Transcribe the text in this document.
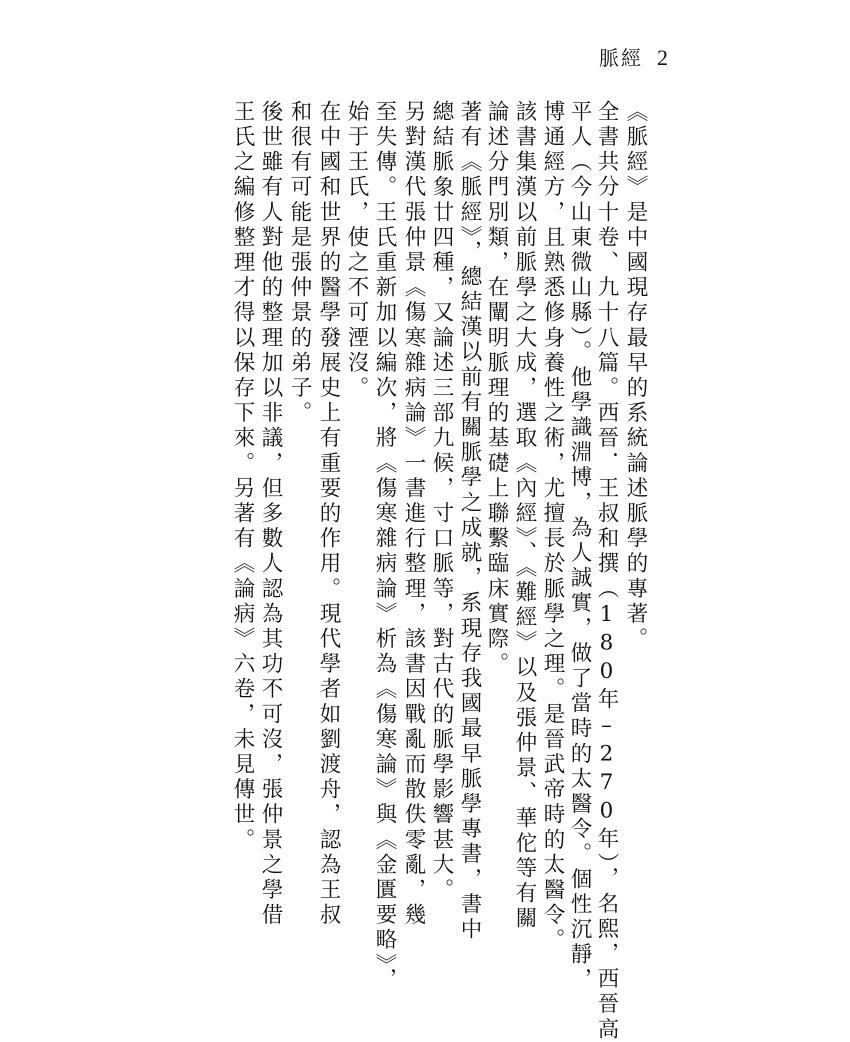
脈經 2
《脈經》是中國現存最早的系統論述脈學的專著。
全書共分十卷、九十八篇。西晉．王叔和撰（180年–270年），名熙，西晉高
平人（今山東微山縣）。他學識淵博，為人誠實，做了當時的太醫令。個性沉靜，
博通經方，且熟悉修身養性之術，尤擅長於脈學之理。是晉武帝時的太醫令。
該書集漢以前脈學之大成，選取《內經》、《難經》以及張仲景、華佗等有關
論述分門別類，在闡明脈理的基礎上聯繫臨床實際。
著有《脈經》，總結漢以前有關脈學之成就，系現存我國最早脈學專書，書中
總結脈象廿四種，又論述三部九候，寸口脈等，對古代的脈學影響甚大。
另對漢代張仲景《傷寒雜病論》一書進行整理，該書因戰亂而散佚零亂，幾
至失傳。王氏重新加以編次，將《傷寒雜病論》析為《傷寒論》與《金匱要略》，
始于王氏，使之不可湮沒。
在中國和世界的醫學發展史上有重要的作用。現代學者如劉渡舟，認為王叔
和很有可能是張仲景的弟子。
後世雖有人對他的整理加以非議，但多數人認為其功不可沒，張仲景之學借
王氏之編修整理才得以保存下來。另著有《論病》六卷，未見傳世。
